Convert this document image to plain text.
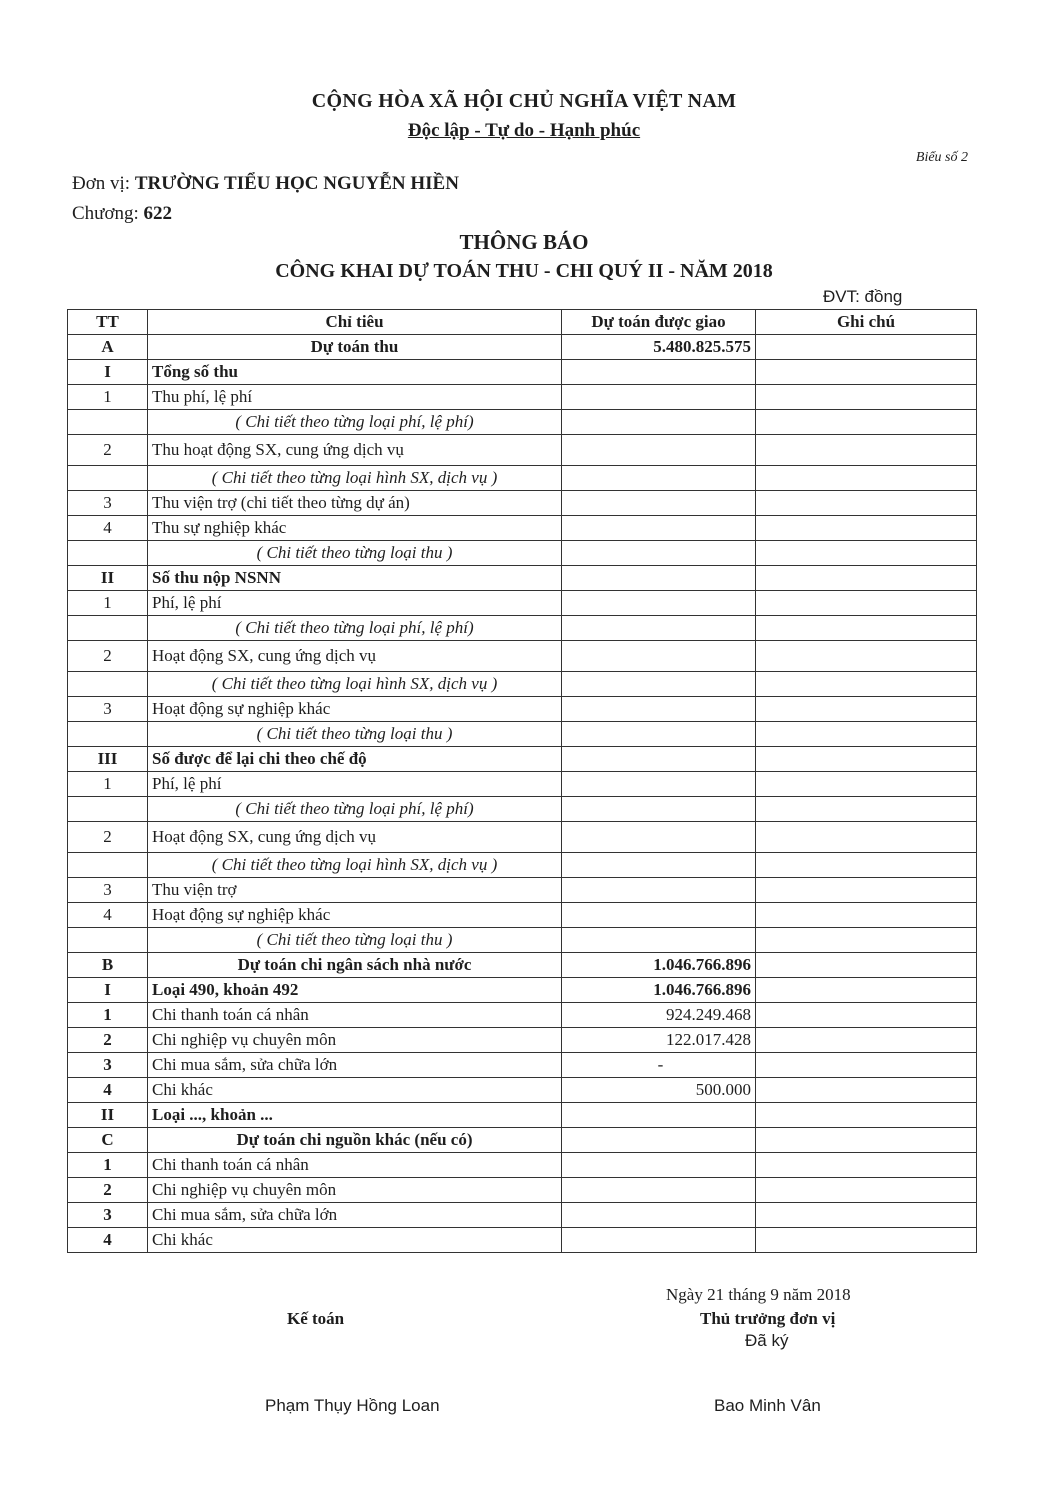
CỘNG HÒA XÃ HỘI CHỦ NGHĨA VIỆT NAM
Độc lập - Tự do - Hạnh phúc
Biểu số 2
Đơn vị: TRƯỜNG TIỂU HỌC NGUYỄN HIỀN
Chương: 622
THÔNG BÁO
CÔNG KHAI DỰ TOÁN THU - CHI QUÝ II - NĂM 2018
ĐVT: đồng
TT	Chỉ tiêu	Dự toán được giao	Ghi chú
A	Dự toán thu	5.480.825.575	
I	Tổng số thu		
1	Thu phí, lệ phí		
	( Chi tiết theo từng loại phí, lệ phí)		
2	Thu hoạt động SX, cung ứng dịch vụ		
	( Chi tiết theo từng loại hình SX, dịch vụ )		
3	Thu viện trợ (chi tiết theo từng dự án)		
4	Thu sự nghiệp khác		
	( Chi tiết theo từng loại thu )		
II	Số thu nộp NSNN		
1	Phí, lệ phí		
	( Chi tiết theo từng loại phí, lệ phí)		
2	Hoạt động SX, cung ứng dịch vụ		
	( Chi tiết theo từng loại hình SX, dịch vụ )		
3	Hoạt động sự nghiệp khác		
	( Chi tiết theo từng loại thu )		
III	Số được để lại chi theo chế độ		
1	Phí, lệ phí		
	( Chi tiết theo từng loại phí, lệ phí)		
2	Hoạt động SX, cung ứng dịch vụ		
	( Chi tiết theo từng loại hình SX, dịch vụ )		
3	Thu viện trợ		
4	Hoạt động sự nghiệp khác		
	( Chi tiết theo từng loại thu )		
B	Dự toán chi ngân sách nhà nước	1.046.766.896	
I	Loại 490, khoản 492	1.046.766.896	
1	Chi thanh toán cá nhân	924.249.468	
2	Chi nghiệp vụ chuyên môn	122.017.428	
3	Chi mua sắm, sửa chữa lớn	-	
4	Chi khác	500.000	
II	Loại ..., khoản ...		
C	Dự toán chi nguồn khác (nếu có)		
1	Chi thanh toán cá nhân		
2	Chi nghiệp vụ chuyên môn		
3	Chi mua sắm, sửa chữa lớn		
4	Chi khác		
Ngày 21 tháng 9 năm 2018
Kế toán	Thủ trưởng đơn vị
Đã ký
Phạm Thụy Hồng Loan	Bao Minh Vân
